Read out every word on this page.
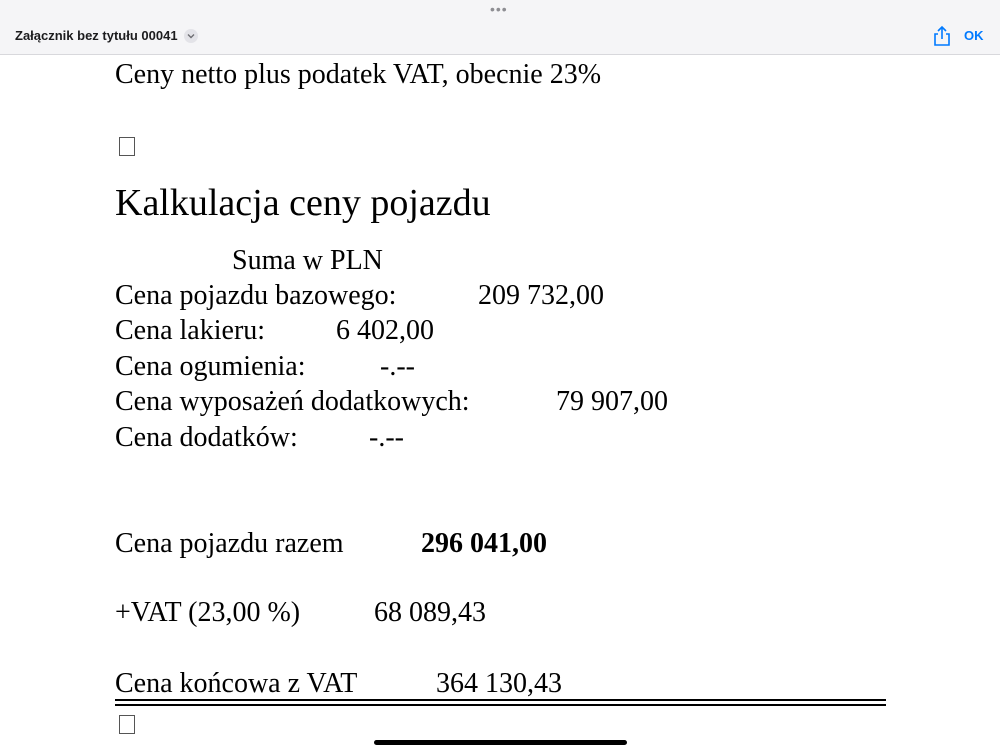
•••
Załącznik bez tytułu 00041	OK
Ceny netto plus podatek VAT, obecnie 23%
Kalkulacja ceny pojazdu
Suma w PLN
Cena pojazdu bazowego:	209 732,00
Cena lakieru:	6 402,00
Cena ogumienia:	-.--
Cena wyposażeń dodatkowych:	79 907,00
Cena dodatków:	-.--
Cena pojazdu razem	296 041,00
+VAT (23,00 %)	68 089,43
Cena końcowa z VAT	364 130,43
